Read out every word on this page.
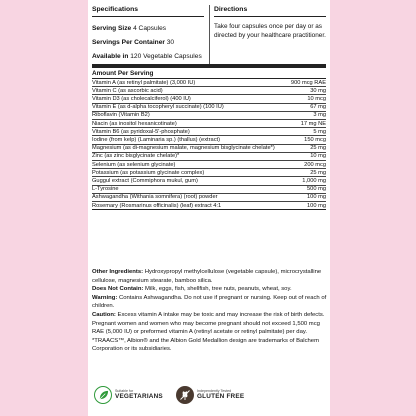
Specifications
Serving Size 4 Capsules
Servings Per Container 30
Available in 120 Vegetable Capsules
Directions
Take four capsules once per day or as directed by your healthcare practitioner.
Amount Per Serving
Vitamin A (as retinyl palmitate) (3,000 IU)	900 mcg RAE
Vitamin C (as ascorbic acid)	30 mg
Vitamin D3 (as cholecalciferol) (400 IU)	10 mcg
Vitamin E (as d-alpha tocopheryl succinate) (100 IU)	67 mg
Riboflavin (Vitamin B2)	3 mg
Niacin (as inositol hexanicotinate)	17 mg NE
Vitamin B6 (as pyridoxal-5'-phosphate)	5 mg
Iodine (from kelp) (Laminaria sp.) (thallus) (extract)	150 mcg
Magnesium (as di-magnesium malate, magnesium bisglycinate chelate*)	25 mg
Zinc (as zinc bisglycinate chelate)*	10 mg
Selenium (as selenium glycinate)	200 mcg
Potassium (as potassium glycinate complex)	25 mg
Guggul extract (Commiphora mukul, gum)	1,000 mg
L-Tyrosine	500 mg
Ashwagandha (Withania somnifera) (root) powder	100 mg
Rosemary (Rosmarinus officinalis) (leaf) extract 4:1	100 mg

Other Ingredients: Hydroxypropyl methylcellulose (vegetable capsule), microcrystalline cellulose, magnesium stearate, bamboo silica.

Does Not Contain: Milk, eggs, fish, shellfish, tree nuts, peanuts, wheat, soy.

Warning: Contains Ashwagandha. Do not use if pregnant or nursing. Keep out of reach of children.

Caution: Excess vitamin A intake may be toxic and may increase the risk of birth defects. Pregnant women and women who may become pregnant should not exceed 1,500 mcg RAE (5,000 IU) or preformed vitamin A (retinyl acetate or retinyl palmitate) per day.

*TRAACS™, Albion® and the Albion Gold Medallion design are trademarks of Balchem Corporation or its subsidiaries.

Suitable for
VEGETARIANS
Independently Tested
GLUTEN FREE
